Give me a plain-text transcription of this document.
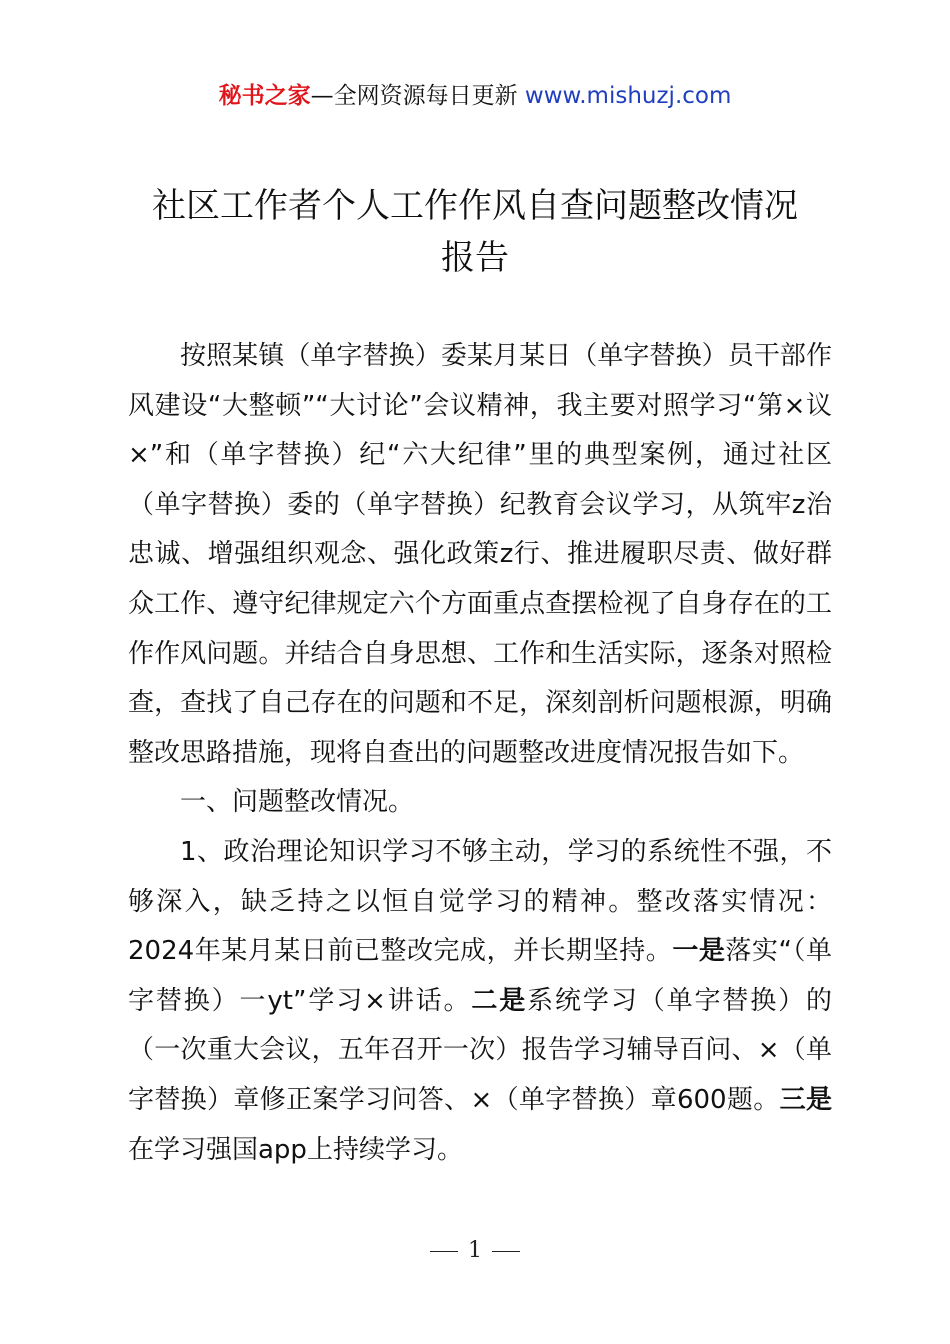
秘书之家—全网资源每日更新 www.mishuzj.com
社区工作者个人工作作风自查问题整改情况
报告

按照某镇（单字替换）委某月某日（单字替换）员干部作风建设“大整顿”“大讨论”会议精神，我主要对照学习“第×议×”和（单字替换）纪“六大纪律”里的典型案例，通过社区（单字替换）委的（单字替换）纪教育会议学习，从筑牢z治忠诚、增强组织观念、强化政策z行、推进履职尽责、做好群众工作、遵守纪律规定六个方面重点查摆检视了自身存在的工作作风问题。并结合自身思想、工作和生活实际，逐条对照检查，查找了自己存在的问题和不足，深刻剖析问题根源，明确整改思路措施，现将自查出的问题整改进度情况报告如下。

一、问题整改情况。

1、政治理论知识学习不够主动，学习的系统性不强，不够深入，缺乏持之以恒自觉学习的精神。整改落实情况：2024年某月某日前已整改完成，并长期坚持。一是落实“（单字替换）一yt”学习×讲话。二是系统学习（单字替换）的（一次重大会议，五年召开一次）报告学习辅导百问、×（单字替换）章修正案学习问答、×（单字替换）章600题。三是在学习强国app上持续学习。

1
